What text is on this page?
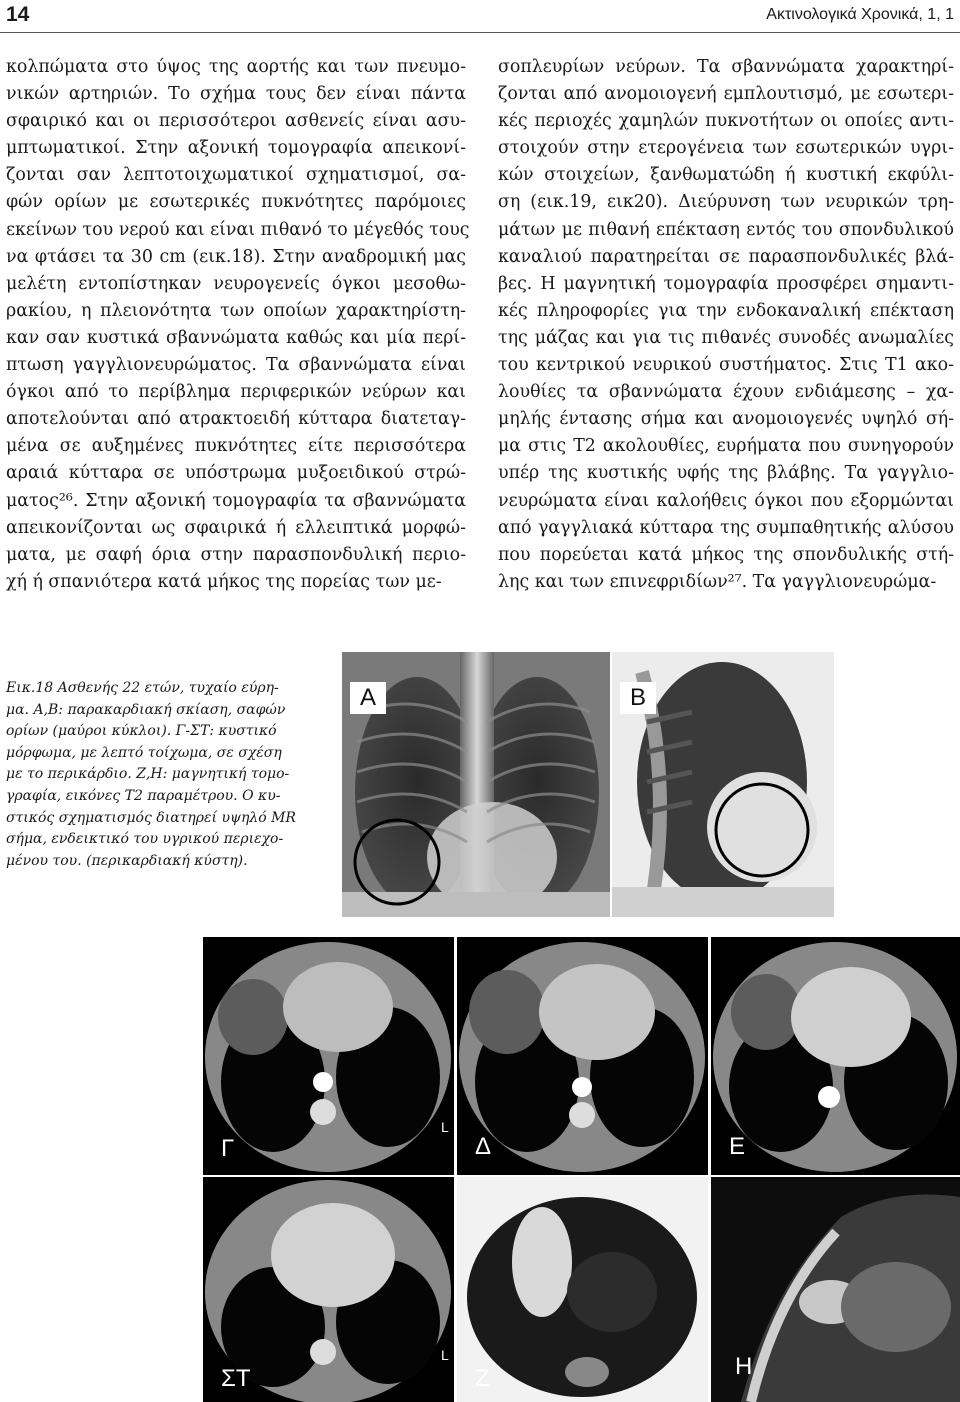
14	Ακτινολογικά Χρονικά, 1, 1
κολπώματα στο ύψος της αορτής και των πνευμο-
νικών αρτηριών. Το σχήμα τους δεν είναι πάντα
σφαιρικό και οι περισσότεροι ασθενείς είναι ασυ-
μπτωματικοί. Στην αξονική τομογραφία απεικονί-
ζονται σαν λεπτοτοιχωματικοί σχηματισμοί, σα-
φών ορίων με εσωτερικές πυκνότητες παρόμοιες
εκείνων του νερού και είναι πιθανό το μέγεθός τους
να φτάσει τα 30 cm (εικ.18). Στην αναδρομική μας
μελέτη εντοπίστηκαν νευρογενείς όγκοι μεσοθω-
ρακίου, η πλειονότητα των οποίων χαρακτηρίστη-
καν σαν κυστικά σβαννώματα καθώς και μία περί-
πτωση γαγγλιονευρώματος. Τα σβαννώματα είναι
όγκοι από το περίβλημα περιφερικών νεύρων και
αποτελούνται από ατρακτοειδή κύτταρα διατεταγ-
μένα σε αυξημένες πυκνότητες είτε περισσότερα
αραιά κύτταρα σε υπόστρωμα μυξοειδικού στρώ-
ματος²⁶. Στην αξονική τομογραφία τα σβαννώματα
απεικονίζονται ως σφαιρικά ή ελλειπτικά μορφώ-
ματα, με σαφή όρια στην παρασπονδυλική περιο-
χή ή σπανιότερα κατά μήκος της πορείας των με-
σοπλευρίων νεύρων. Τα σβαννώματα χαρακτηρί-
ζονται από ανομοιογενή εμπλουτισμό, με εσωτερι-
κές περιοχές χαμηλών πυκνοτήτων οι οποίες αντι-
στοιχούν στην ετερογένεια των εσωτερικών υγρι-
κών στοιχείων, ξανθωματώδη ή κυστική εκφύλι-
ση (εικ.19, εικ20). Διεύρυνση των νευρικών τρη-
μάτων με πιθανή επέκταση εντός του σπονδυλικού
καναλιού παρατηρείται σε παρασπονδυλικές βλά-
βες. Η μαγνητική τομογραφία προσφέρει σημαντι-
κές πληροφορίες για την ενδοκαναλική επέκταση
της μάζας και για τις πιθανές συνοδές ανωμαλίες
του κεντρικού νευρικού συστήματος. Στις Τ1 ακο-
λουθίες τα σβαννώματα έχουν ενδιάμεσης – χα-
μηλής έντασης σήμα και ανομοιογενές υψηλό σή-
μα στις Τ2 ακολουθίες, ευρήματα που συνηγορούν
υπέρ της κυστικής υφής της βλάβης. Τα γαγγλιο-
νευρώματα είναι καλοήθεις όγκοι που εξορμώνται
από γαγγλιακά κύτταρα της συμπαθητικής αλύσου
που πορεύεται κατά μήκος της σπονδυλικής στή-
λης και των επινεφριδίων²⁷. Τα γαγγλιονευρώμα-
Εικ.18 Ασθενής 22 ετών, τυχαίο εύρη-
μα. Α,Β: παρακαρδιακή σκίαση, σαφών
ορίων (μαύροι κύκλοι). Γ-ΣΤ: κυστικό
μόρφωμα, με λεπτό τοίχωμα, σε σχέση
με το περικάρδιο. Ζ,Η: μαγνητική τομο-
γραφία, εικόνες Τ2 παραμέτρου. Ο κυ-
στικός σχηματισμός διατηρεί υψηλό MR
σήμα, ενδεικτικό του υγρικού περιεχο-
μένου του. (περικαρδιακή κύστη).
Α	Β
Γ
L
Δ	Ε
ΣΤ
L
Ζ	Η
